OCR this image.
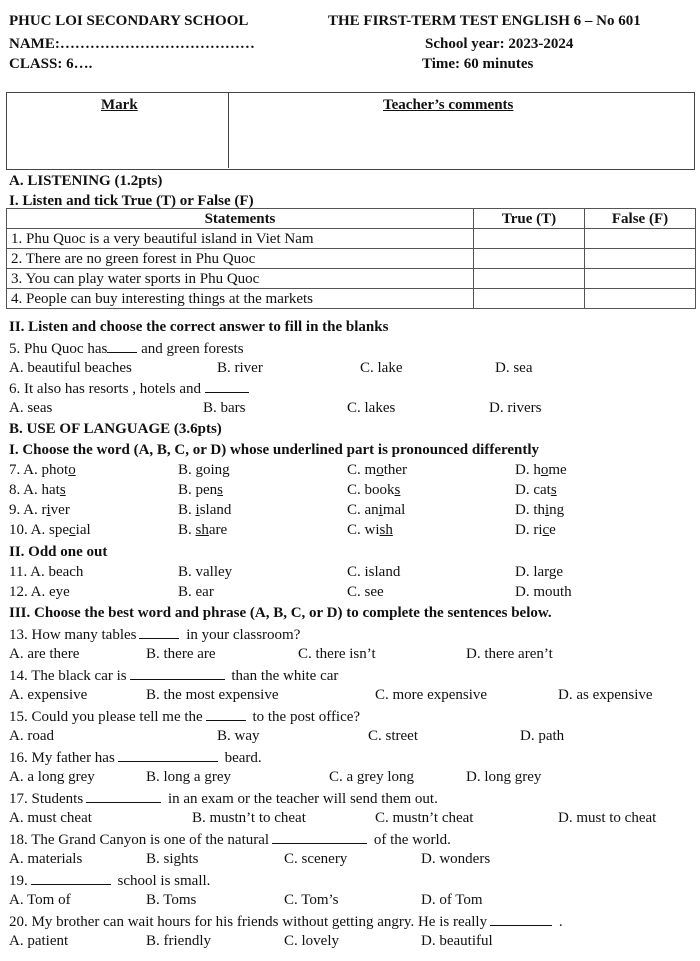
PHUC LOI SECONDARY SCHOOL	THE FIRST-TERM TEST ENGLISH 6 – No 601
NAME:…………………………………	School year: 2023-2024
CLASS: 6….	Time: 60 minutes
Mark	Teacher’s comments
A. LISTENING (1.2pts)
I. Listen and tick True (T) or False (F)
Statements	True (T)	False (F)
1. Phu Quoc is a very beautiful island in Viet Nam		
2. There are no green forest in Phu Quoc		
3. You can play water sports in Phu Quoc		
4. People can buy interesting things at the markets		
II. Listen and choose the correct answer to fill in the blanks
5. Phu Quoc has and green forests
A. beautiful beaches	B. river	C. lake	D. sea
6. It also has resorts , hotels and
A. seas	B. bars	C. lakes	D. rivers
B. USE OF LANGUAGE (3.6pts)
I. Choose the word (A, B, C, or D) whose underlined part is pronounced differently
7. A. photo	B. going	C. mother	D. home
8. A. hats	B. pens	C. books	D. cats
9. A. river	B. island	C. animal	D. thing
10. A. special	B. share	C. wish	D. rice
II. Odd one out
11. A. beach	B. valley	C. island	D. large
12. A. eye	B. ear	C. see	D. mouth
III. Choose the best word and phrase (A, B, C, or D) to complete the sentences below.
13. How many tables	in your classroom?
A. are there	B. there are	C. there isn’t	D. there aren’t
14. The black car is	than the white car
A. expensive	B. the most expensive	C. more expensive	D. as expensive
15. Could you please tell me the	to the post office?
A. road	B. way	C. street	D. path
16. My father has	beard.
A. a long grey	B. long a grey	C. a grey long	D. long grey
17. Students	in an exam or the teacher will send them out.
A. must cheat	B. mustn’t to cheat	C. mustn’t cheat	D. must to cheat
18. The Grand Canyon is one of the natural	of the world.
A. materials	B. sights	C. scenery	D. wonders
19.	school is small.
A. Tom of	B. Toms	C. Tom’s	D. of Tom
20. My brother can wait hours for his friends without getting angry. He is really	.
A. patient	B. friendly	C. lovely	D. beautiful
